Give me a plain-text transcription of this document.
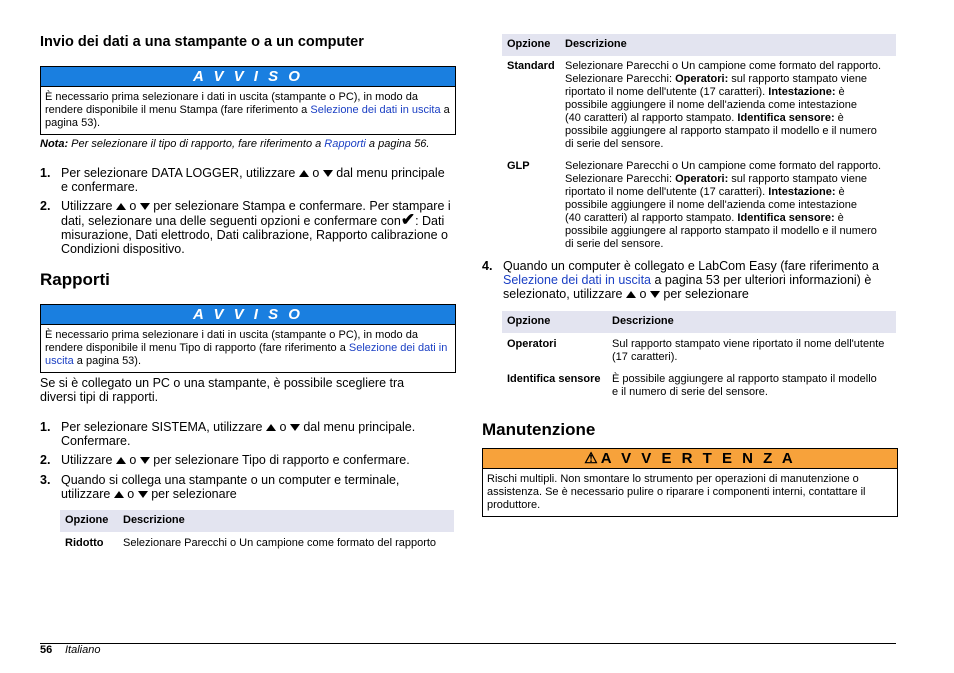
Invio dei dati a una stampante o a un computer
A V V I S O
È necessario prima selezionare i dati in uscita (stampante o PC), in modo da rendere disponibile il menu Stampa (fare riferimento a Selezione dei dati in uscita a pagina 53).
Nota: Per selezionare il tipo di rapporto, fare riferimento a Rapporti a pagina 56.
1. Per selezionare DATA LOGGER, utilizzare o dal menu principale e confermare.
2. Utilizzare o per selezionare Stampa e confermare. Per stampare i dati, selezionare una delle seguenti opzioni e confermare con✔: Dati misurazione, Dati elettrodo, Dati calibrazione, Rapporto calibrazione o Condizioni dispositivo.
Rapporti
A V V I S O
È necessario prima selezionare i dati in uscita (stampante o PC), in modo da rendere disponibile il menu Tipo di rapporto (fare riferimento a Selezione dei dati in uscita a pagina 53).
Se si è collegato un PC o una stampante, è possibile scegliere tra diversi tipi di rapporti.
1. Per selezionare SISTEMA, utilizzare o dal menu principale. Confermare.
2. Utilizzare o per selezionare Tipo di rapporto e confermare.
3. Quando si collega una stampante o un computer e terminale, utilizzare o per selezionare
Opzione Descrizione
Ridotto Selezionare Parecchi o Un campione come formato del rapporto
Opzione Descrizione
Standard Selezionare Parecchi o Un campione come formato del rapporto.
Selezionare Parecchi: Operatori: sul rapporto stampato viene
riportato il nome dell'utente (17 caratteri). Intestazione: è
possibile aggiungere il nome dell'azienda come intestazione
(40 caratteri) al rapporto stampato. Identifica sensore: è
possibile aggiungere al rapporto stampato il modello e il numero
di serie del sensore.
GLP	Selezionare Parecchi o Un campione come formato del rapporto.
Selezionare Parecchi: Operatori: sul rapporto stampato viene
riportato il nome dell'utente (17 caratteri). Intestazione: è
possibile aggiungere il nome dell'azienda come intestazione
(40 caratteri) al rapporto stampato. Identifica sensore: è
possibile aggiungere al rapporto stampato il modello e il numero
di serie del sensore.
4. Quando un computer è collegato e LabCom Easy (fare riferimento a Selezione dei dati in uscita a pagina 53 per ulteriori informazioni) è selezionato, utilizzare o per selezionare
Opzione	Descrizione
Operatori	Sul rapporto stampato viene riportato il nome dell'utente
(17 caratteri).
Identifica sensore È possibile aggiungere al rapporto stampato il modello
e il numero di serie del sensore.
Manutenzione
⚠A V V E R T E N Z A
Rischi multipli. Non smontare lo strumento per operazioni di manutenzione o assistenza. Se è necessario pulire o riparare i componenti interni, contattare il produttore.
56 Italiano
